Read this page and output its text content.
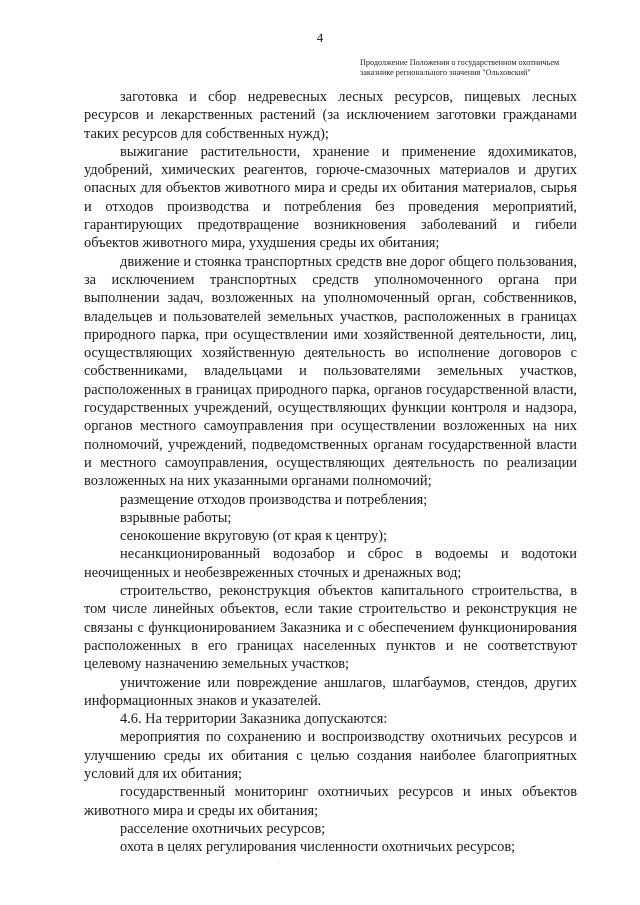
4
Продолжение Положения о государственном охотничьем
заказнике регионального значения "Ольховский"

заготовка и сбор недревесных лесных ресурсов, пищевых лесных ресурсов и лекарственных растений (за исключением заготовки гражданами таких ресурсов для собственных нужд);

выжигание растительности, хранение и применение ядохимикатов, удобрений, химических реагентов, горюче-смазочных материалов и других опасных для объектов животного мира и среды их обитания материалов, сырья и отходов производства и потребления без проведения мероприятий, гарантирующих предотвращение возникновения заболеваний и гибели объектов животного мира, ухудшения среды их обитания;

движение и стоянка транспортных средств вне дорог общего пользования, за исключением транспортных средств уполномоченного органа при выполнении задач, возложенных на уполномоченный орган, собственников, владельцев и пользователей земельных участков, расположенных в границах природного парка, при осуществлении ими хозяйственной деятельности, лиц, осуществляющих хозяйственную деятельность во исполнение договоров с собственниками, владельцами и пользователями земельных участков, расположенных в границах природного парка, органов государственной власти, государственных учреждений, осуществляющих функции контроля и надзора, органов местного самоуправления при осуществлении возложенных на них полномочий, учреждений, подведомственных органам государственной власти и местного самоуправления, осуществляющих деятельность по реализации возложенных на них указанными органами полномочий;

размещение отходов производства и потребления;

взрывные работы;

сенокошение вкруговую (от края к центру);

несанкционированный водозабор и сброс в водоемы и водотоки неочищенных и необезвреженных сточных и дренажных вод;

строительство, реконструкция объектов капитального строительства, в том числе линейных объектов, если такие строительство и реконструкция не связаны с функционированием Заказника и с обеспечением функционирования расположенных в его границах населенных пунктов и не соответствуют целевому назначению земельных участков;

уничтожение или повреждение аншлагов, шлагбаумов, стендов, других информационных знаков и указателей.

4.6. На территории Заказника допускаются:

мероприятия по сохранению и воспроизводству охотничьих ресурсов и улучшению среды их обитания с целью создания наиболее благоприятных условий для их обитания;

государственный мониторинг охотничьих ресурсов и иных объектов животного мира и среды их обитания;

расселение охотничьих ресурсов;

охота в целях регулирования численности охотничьих ресурсов;

·
